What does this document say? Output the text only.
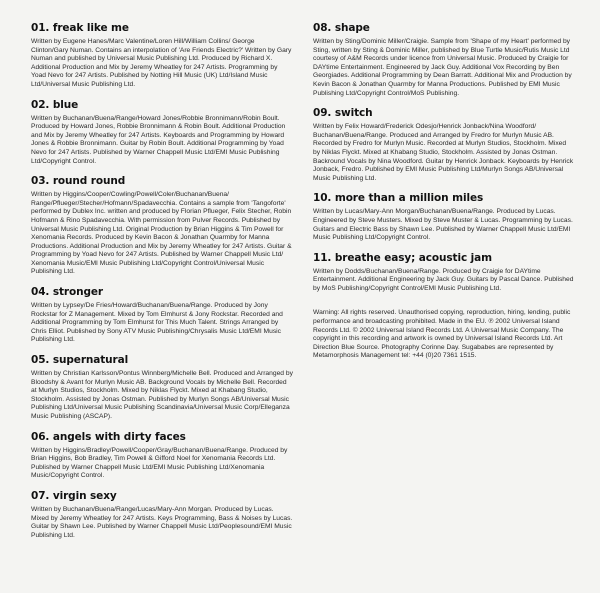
01. freak like me

Written by Eugene Hanes/Marc Valentine/Loren Hill/William Collins/ George Clinton/Gary Numan. Contains an interpolation of 'Are Friends Electric?' Written by Gary Numan and published by Universal Music Publishing Ltd. Produced by Richard X. Additional Production and Mix by Jeremy Wheatley for 247 Artists. Programming by Yoad Nevo for 247 Artists. Published by Notting Hill Music (UK) Ltd/Island Music Ltd/Universal Music Publishing Ltd.

02. blue

Written by Buchanan/Buena/Range/Howard Jones/Robbie Bronnimann/Robin Boult. Produced by Howard Jones, Robbie Bronnimann & Robin Boult. Additional Production and Mix by Jeremy Wheatley for 247 Artists. Keyboards and Programming by Howard Jones & Robbie Bronnimann. Guitar by Robin Boult. Additional Programming by Yoad Nevo for 247 Artists. Published by Warner Chappell Music Ltd/EMI Music Publishing Ltd/Copyright Control.

03. round round

Written by Higgins/Cooper/Cowling/Powell/Coler/Buchanan/Buena/ Range/Pflueger/Stecher/Hofmann/Spadavecchia. Contains a sample from 'Tangoforte' performed by Dublex Inc. written and produced by Florian Pflueger, Felix Stecher, Robin Hofmann & Rino Spadavecchia. With permission from Pulver Records. Published by Universal Music Publishing Ltd. Original Production by Brian Higgins & Tim Powell for Xenomania Records. Produced by Kevin Bacon & Jonathan Quarmby for Manna Productions. Additional Production and Mix by Jeremy Wheatley for 247 Artists. Guitar & Programming by Yoad Nevo for 247 Artists. Published by Warner Chappell Music Ltd/ Xenomania Music/EMI Music Publishing Ltd/Copyright Control/Universal Music Publishing Ltd.

04. stronger

Written by Lypsey/De Fries/Howard/Buchanan/Buena/Range. Produced by Jony Rockstar for Z Management. Mixed by Tom Elmhurst & Jony Rockstar. Recorded and Additional Programming by Tom Elmhurst for This Much Talent. Strings Arranged by Chris Elliot. Published by Sony ATV Music Publishing/Chrysalis Music Ltd/EMI Music Publishing Ltd.

05. supernatural

Written by Christian Karlsson/Pontus Winnberg/Michelle Bell. Produced and Arranged by Bloodshy & Avant for Murlyn Music AB. Background Vocals by Michelle Bell. Recorded at Murlyn Studios, Stockholm. Mixed by Niklas Flyckt. Mixed at Khabang Studio, Stockholm. Assisted by Jonas Ostman. Published by Murlyn Songs AB/Universal Music Publishing Ltd/Universal Music Publishing Scandinavia/Universal Music Corp/Elleganza Music Publishing (ASCAP).

06. angels with dirty faces

Written by Higgins/Bradley/Powell/Cooper/Gray/Buchanan/Buena/Range. Produced by Brian Higgins, Bob Bradley, Tim Powell & Gifford Noel for Xenomania Records Ltd. Published by Warner Chappell Music Ltd/EMI Music Publishing Ltd/Xenomania Music/Copyright Control.

07. virgin sexy

Written by Buchanan/Buena/Range/Lucas/Mary-Ann Morgan. Produced by Lucas. Mixed by Jeremy Wheatley for 247 Artists. Keys Programming, Bass & Noises by Lucas. Guitar by Shawn Lee. Published by Warner Chappell Music Ltd/Peoplesound/EMI Music Publishing Ltd.

08. shape

Written by Sting/Dominic Miller/Craigie. Sample from 'Shape of my Heart' performed by Sting, written by Sting & Dominic Miller, published by Blue Turtle Music/Rutis Music Ltd courtesy of A&M Records under licence from Universal Music. Produced by Craigie for DAYtime Entertainment. Engineered by Jack Guy. Additional Vox Recording by Ben Georgiades. Additional Programming by Dean Barratt. Additional Mix and Production by Kevin Bacon & Jonathan Quarmby for Manna Productions. Published by EMI Music Publishing Ltd/Copyright Control/MoS Publishing.

09. switch

Written by Felix Howard/Frederick Odesjo/Henrick Jonback/Nina Woodford/ Buchanan/Buena/Range. Produced and Arranged by Fredro for Murlyn Music AB. Recorded by Fredro for Murlyn Music. Recorded at Murlyn Studios, Stockholm. Mixed by Niklas Flyckt. Mixed at Khabang Studio, Stockholm. Assisted by Jonas Ostman. Backround Vocals by Nina Woodford. Guitar by Henrick Jonback. Keyboards by Henrick Jonback, Fredro. Published by EMI Music Publishing Ltd/Murlyn Songs AB/Universal Music Publishing Ltd.

10. more than a million miles

Written by Lucas/Mary-Ann Morgan/Buchanan/Buena/Range. Produced by Lucas. Engineered by Steve Musters. Mixed by Steve Muster & Lucas. Programming by Lucas. Guitars and Electric Bass by Shawn Lee. Published by Warner Chappell Music Ltd/EMI Music Publishing Ltd/Copyright Control.

11. breathe easy; acoustic jam

Written by Dodds/Buchanan/Buena/Range. Produced by Craigie for DAYtime Entertainment. Additional Engineering by Jack Guy. Guitars by Pascal Dance. Published by MoS Publishing/Copyright Control/EMI Music Publishing Ltd.

Warning: All rights reserved. Unauthorised copying, reproduction, hiring, lending, public performance and broadcasting prohibited. Made in the EU. ℗ 2002 Universal Island Records Ltd. © 2002 Universal Island Records Ltd. A Universal Music Company. The copyright in this recording and artwork is owned by Universal Island Records Ltd. Art Direction Blue Source. Photography Corinne Day. Sugababes are represented by Metamorphosis Management tel: +44 (0)20 7361 1515.
